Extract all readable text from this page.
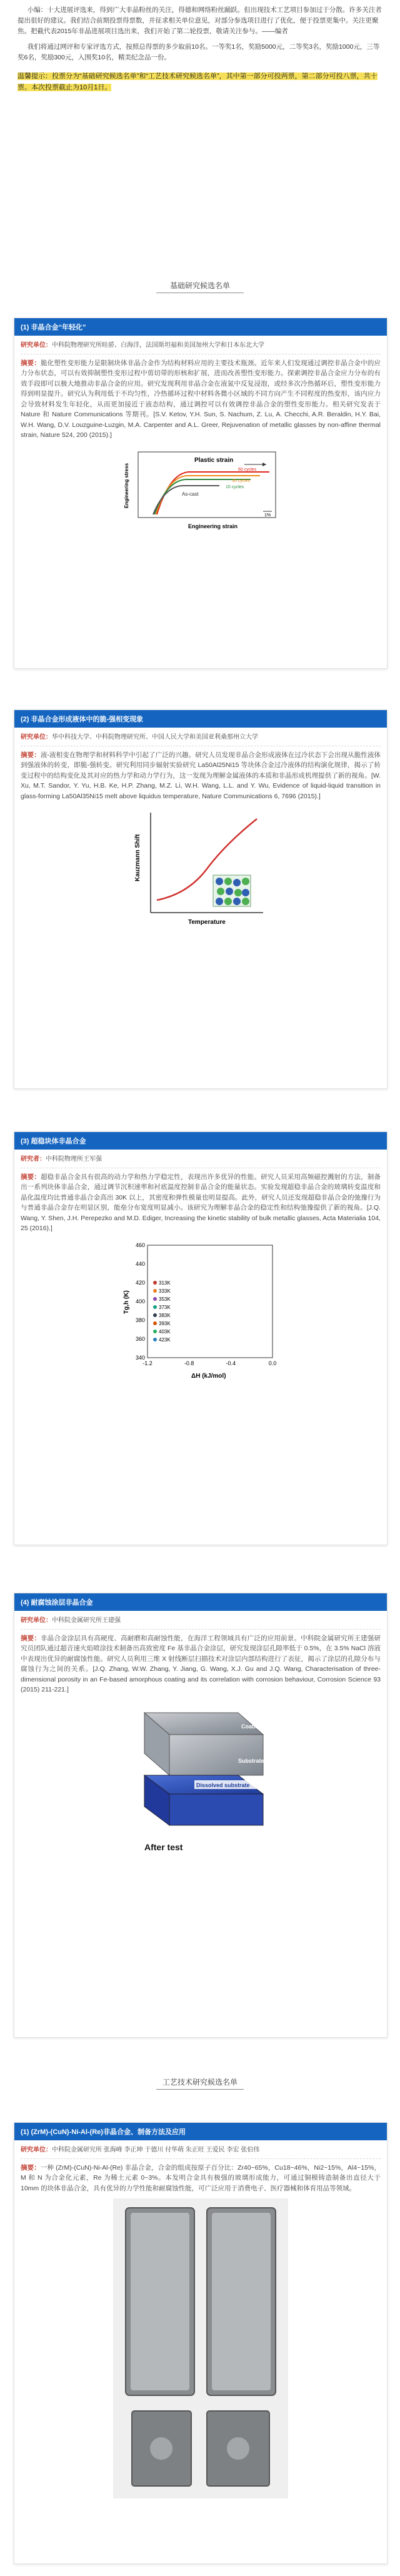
小编：十大进展评选来，得到广大非晶粉丝的关注，得德和网络粉丝踊跃。但出现技术工艺项目参加过于分散。许多关注者提出很好的建议。我们结合前期投票得票数，并征求相关单位意见，对部分参选项目进行了优化，便于投票更集中。关注更聚焦。把截代表2015年非晶进展项目选出来，我们开始了第二轮投票，敬请关注参与。——编者

我们将通过网评和专家评选方式，按照总得票的多少取前10名。一等奖1名，奖励5000元，二等奖3名，奖励1000元，三等奖6名，奖励300元，入围奖10名，精美纪念品一份。

温馨提示：投票分为“基础研究候选名单”和“工艺技术研究候选名单”，其中第一部分可投两票，第二部分可投八票，共十票。本次投票截止为10月1日。
基础研究候选名单
(1) 非晶合金“年轻化”
研究单位：中科院物理研究所眭骄、白海洋，法国斯坦福和美国加州大学和日本东北大学
摘要：脆化塑性变形能力是限制块体非晶合金作为结构材料应用的主要技术瓶颈。近年来人们发现通过调控非晶合金中的应力分布状态，可以有效抑制塑性变形过程中剪切带的形核和扩展，进而改善塑性变形能力。探索调控非晶合金应力分布的有效手段即可以极大地推动非晶合金的应用。研究发现利用非晶合金在液氮中反复浸泡，或经多次冷热循环后，塑性变形能力得到明显提升。研究认为利用低于不均匀性，冷热循环过程中材料各微小区域的不同方向产生不同程度的热变形，该内应力会导致材料发生年轻化，从而更加接近于液态结构，通过调控可以有效调控非晶合金的塑性变形能力。相关研究发表于 Nature 和 Nature Communications 等期刊。[S.V. Ketov, Y.H. Sun, S. Nachum, Z. Lu, A. Checchi, A.R. Beraldin, H.Y. Bai, W.H. Wang, D.V. Louzguine-Luzgin, M.A. Carpenter and A.L. Greer, Rejuvenation of metallic glasses by non-affine thermal strain, Nature 524, 200 (2015).]
Plastic strain
60 cycles
30 cycles
10 cycles
As-cast
Engineering stress
Engineering strain
1%
(2) 非晶合金形成液体中的脆-强相变现象
研究单位：华中科技大学、中科院物理研究所、中国人民大学和美国亚利桑那州立大学
摘要：液-液相变在物理学和材料科学中引起了广泛的兴趣。研究人员发现非晶合金形成液体在过冷状态下会出现从脆性液体到强液体的转变，即脆-强转变。研究利用同步辐射实验研究 La50Al25Ni15 等块体合金过冷液体的结构演化规律，揭示了转变过程中的结构变化及其对应的热力学和动力学行为，这一发现为理解金属液体的本质和非晶形成机理提供了新的视角。[W. Xu, M.T. Sandor, Y. Yu, H.B. Ke, H.P. Zhang, M.Z. Li, W.H. Wang, L.L. and Y. Wu, Evidence of liquid-liquid transition in glass-forming La50Al35Ni15 melt above liquidus temperature, Nature Communications 6, 7696 (2015).]
Kauzmann Shift
Temperature
(3) 超稳块体非晶合金
研究者：中科院物理所王军强
摘要：超稳非晶合金具有很高的动力学和热力学稳定性，表现出许多优异的性能。研究人员采用高频磁控溅射的方法，制备出一系列块体非晶合金，通过调节沉积速率和衬底温度控制非晶合金的能量状态。实验发现超稳非晶合金的玻璃转变温度和晶化温度均比普通非晶合金高出 30K 以上，其密度和弹性模量也明显提高。此外，研究人员还发现超稳非晶合金的弛豫行为与普通非晶合金存在明显区别，能垒分布宽度明显减小。该研究为理解非晶合金的稳定性和结构弛豫提供了新的视角。[J.Q. Wang, Y. Shen, J.H. Perepezko and M.D. Ediger, Increasing the kinetic stability of bulk metallic glasses, Acta Materialia 104, 25 (2016).]
340
360
380
400
420
440
460
-1.2	-0.8	-0.4	0.0
313K
333K
353K
373K
383K
393K
403K
423K
Tg,h (K)
ΔH (kJ/mol)
(4) 耐腐蚀涂层非晶合金
研究单位：中科院金属研究所王建强
摘要：非晶合金涂层具有高硬度、高耐磨和高耐蚀性能，在海洋工程领域具有广泛的应用前景。中科院金属研究所王建强研究员团队通过超音速火焰喷涂技术制备出高致密度 Fe 基非晶合金涂层，研究发现涂层孔隙率低于 0.5%，在 3.5% NaCl 溶液中表现出优异的耐腐蚀性能。研究人员利用三维 X 射线断层扫描技术对涂层内部结构进行了表征，揭示了涂层的孔隙分布与腐蚀行为之间的关系。[J.Q. Zhang, W.W. Zhang, Y. Jiang, G. Wang, X.J. Gu and J.Q. Wang, Characterisation of three-dimensional porosity in an Fe-based amorphous coating and its correlation with corrosion behaviour, Corrosion Science 93 (2015) 211-221.]
Coating
Substrate
Dissolved substrate
After test
工艺技术研究候选名单
(1) (ZrM)-(CuN)-Ni-Al-(Re)非晶合金、制备方法及应用
研究单位：中科院金属研究所 张海峰 李正坤 于德川 付华萌 朱正旺 王爱民 李宏 张伯伟
摘要：一种 (ZrM)-(CuN)-Ni-Al-(Re) 非晶合金，合金的组成按原子百分比：Zr40~65%，Cu18~46%，Ni2~15%，Al4~15%，M 和 N 为合金化元素，Re 为稀土元素 0~3%。本发明合金具有极强的玻璃形成能力，可通过铜模铸造制备出直径大于 10mm 的块体非晶合金，具有优异的力学性能和耐腐蚀性能，可广泛应用于消费电子、医疗器械和体育用品等领域。
